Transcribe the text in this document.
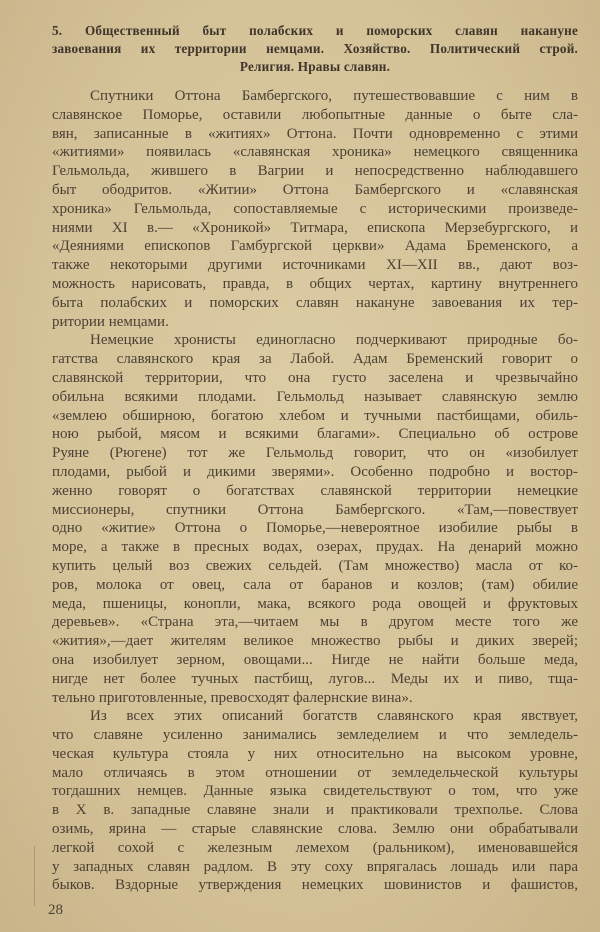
5. Общественный быт полабских и поморских славян накануне
завоевания их территории немцами. Хозяйство. Политический строй.
Религия. Нравы славян.
Спутники Оттона Бамбергского, путешествовавшие с ним в
славянское Поморье, оставили любопытные данные о быте сла-
вян, записанные в «житиях» Оттона. Почти одновременно с этими
«житиями» появилась «славянская хроника» немецкого священника
Гельмольда, жившего в Вагрии и непосредственно наблюдавшего
быт ободритов. «Житии» Оттона Бамбергского и «славянская
хроника» Гельмольда, сопоставляемые с историческими произведе-
ниями XI в.— «Хроникой» Титмара, епископа Мерзебургского, и
«Деяниями епископов Гамбургской церкви» Адама Бременского, а
также некоторыми другими источниками XI—XII вв., дают воз-
можность нарисовать, правда, в общих чертах, картину внутреннего
быта полабских и поморских славян накануне завоевания их тер-
ритории немцами.
Немецкие хронисты единогласно подчеркивают природные бо-
гатства славянского края за Лабой. Адам Бременский говорит о
славянской территории, что она густо заселена и чрезвычайно
обильна всякими плодами. Гельмольд называет славянскую землю
«землею обширною, богатою хлебом и тучными пастбищами, обиль-
ною рыбой, мясом и всякими благами». Специально об острове
Руяне (Рюгене) тот же Гельмольд говорит, что он «изобилует
плодами, рыбой и дикими зверями». Особенно подробно и востор-
женно говорят о богатствах славянской территории немецкие
миссионеры, спутники Оттона Бамбергского. «Там,—повествует
одно «житие» Оттона о Поморье,—невероятное изобилие рыбы в
море, а также в пресных водах, озерах, прудах. На денарий можно
купить целый воз свежих сельдей. (Там множество) масла от ко-
ров, молока от овец, сала от баранов и козлов; (там) обилие
меда, пшеницы, конопли, мака, всякого рода овощей и фруктовых
деревьев». «Страна эта,—читаем мы в другом месте того же
«жития»,—дает жителям великое множество рыбы и диких зверей;
она изобилует зерном, овощами... Нигде не найти больше меда,
нигде нет более тучных пастбищ, лугов... Меды их и пиво, тща-
тельно приготовленные, превосходят фалернские вина».
Из всех этих описаний богатств славянского края явствует,
что славяне усиленно занимались земледелием и что земледель-
ческая культура стояла у них относительно на высоком уровне,
мало отличаясь в этом отношении от земледельческой культуры
тогдашних немцев. Данные языка свидетельствуют о том, что уже
в X в. западные славяне знали и практиковали трехполье. Слова
озимь, ярина — старые славянские слова. Землю они обрабатывали
легкой сохой с железным лемехом (ральником), именовавшейся
у западных славян радлом. В эту соху впрягалась лошадь или пара
быков. Вздорные утверждения немецких шовинистов и фашистов,
28
